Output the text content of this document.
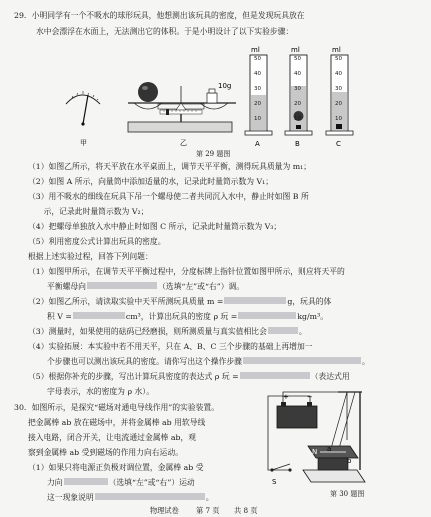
29．小明同学有一个不吸水的球形玩具，他想测出该玩具的密度，但是发现玩具放在
水中会漂浮在水面上，无法测出它的体积。于是小明设计了以下实验步骤：
甲
10g
乙
ml
A
ml
B
ml
C
50	50	50
40	40	40
30	30	30
20	20	20
10	10	10
第 29 题图
（1）如图乙所示，将天平放在水平桌面上，调节天平平衡，测得玩具质量为 m₁；
（2）如图 A 所示，向量筒中添加适量的水，记录此时量筒示数为 V₁；
（3）用不吸水的细线在玩具下吊一个螺母使二者共同沉入水中，静止时如图 B 所
　　示，记录此时量筒示数为 V₂；
（4）把螺母单独放入水中静止时如图 C 所示，记录此时量筒示数为 V₃；
（5）利用密度公式计算出玩具的密度。
根据上述实验过程，回答下列问题：
（1）如图甲所示，在调节天平平衡过程中，分度标牌上指针位置如图甲所示，则应将天平的
平衡螺母向	（选填“左”或“右”）调。
（2）如图乙所示，请读取实验中天平所测玩具质量 m =	g，玩具的体
积 V =	cm³，计算出玩具的密度 ρ 玩 =	kg/m³。
（3）测量时，如果使用的砝码已经磨损，则所测质量与真实值相比会	。
（4）实验拓展：本实验中若不用天平，只在 A、B、C 三个步骤的基础上再增加一
个步骤也可以测出该玩具的密度。请你写出这个操作步骤	。
（5）根据你补充的步骤，写出计算玩具密度的表达式 ρ 玩 =	（表达式用
字母表示，水的密度为 ρ 水）。
30．如图所示，是探究“磁场对通电导线作用”的实验装置。
把金属棒 ab 放在磁场中，并将金属棒 ab 用软导线
接入电路，闭合开关，让电流通过金属棒 ab，观
察到金属棒 ab 受到磁场的作用力向右运动。
（1）如果只将电源正负极对调位置，金属棒 ab 受
力向	（选填“左”或“右”）运动
这一现象说明	。
+	−
N a
b
S
第 30 题图
物理试卷 第 7 页 共 8 页
